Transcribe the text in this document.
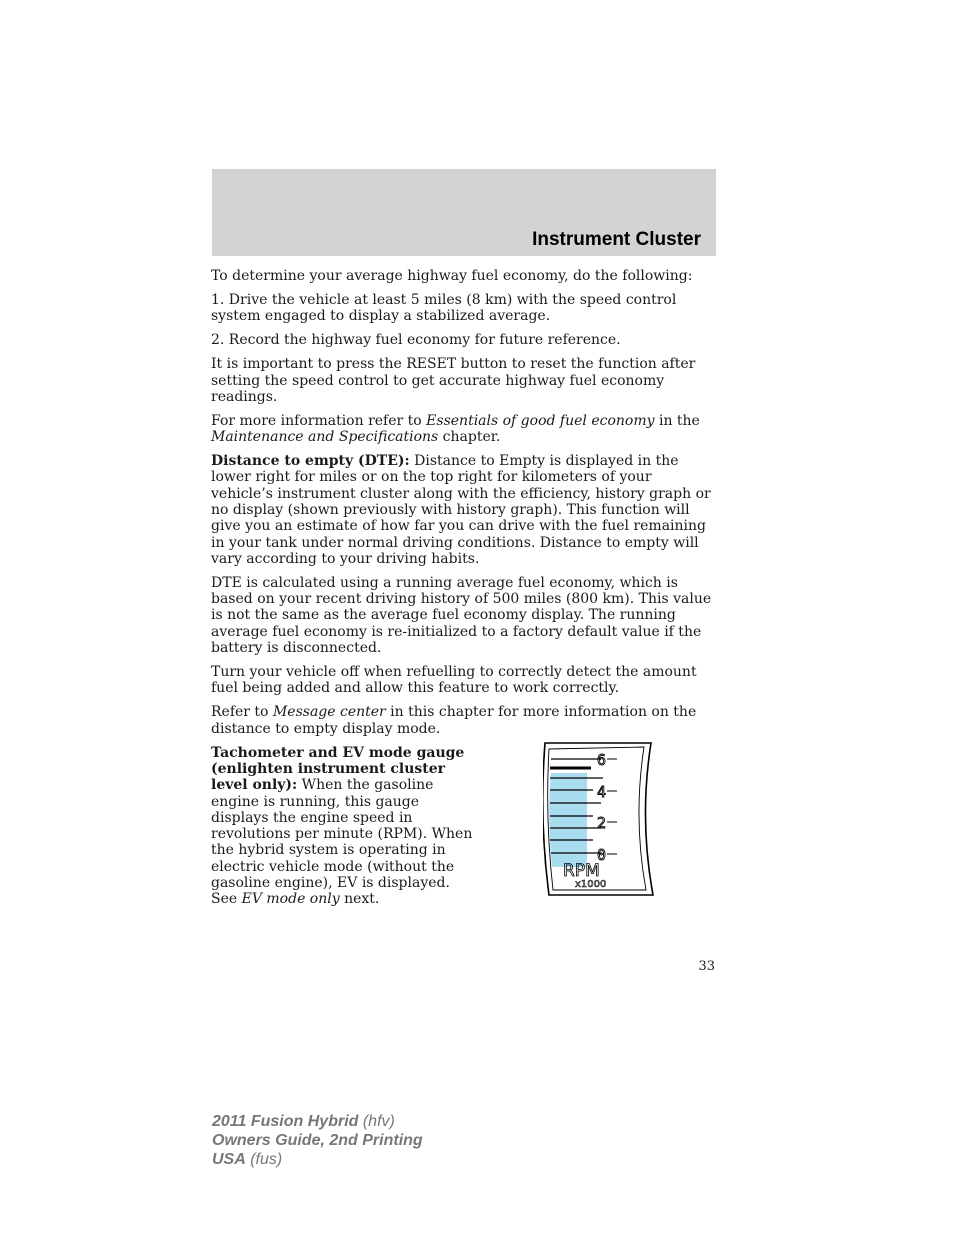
Instrument Cluster

To determine your average highway fuel economy, do the following:

1. Drive the vehicle at least 5 miles (8 km) with the speed control system engaged to display a stabilized average.

2. Record the highway fuel economy for future reference.

It is important to press the RESET button to reset the function after setting the speed control to get accurate highway fuel economy readings.

For more information refer to Essentials of good fuel economy in the Maintenance and Specifications chapter.

Distance to empty (DTE): Distance to Empty is displayed in the lower right for miles or on the top right for kilometers of your vehicle’s instrument cluster along with the efficiency, history graph or no display (shown previously with history graph). This function will give you an estimate of how far you can drive with the fuel remaining in your tank under normal driving conditions. Distance to empty will vary according to your driving habits.

DTE is calculated using a running average fuel economy, which is based on your recent driving history of 500 miles (800 km). This value is not the same as the average fuel economy display. The running average fuel economy is re-initialized to a factory default value if the battery is disconnected.

Turn your vehicle off when refuelling to correctly detect the amount fuel being added and allow this feature to work correctly.

Refer to Message center in this chapter for more information on the distance to empty display mode.

Tachometer and EV mode gauge (enlighten instrument cluster level only): When the gasoline engine is running, this gauge displays the engine speed in revolutions per minute (RPM). When the hybrid system is operating in electric vehicle mode (without the gasoline engine), EV is displayed. See EV mode only next.

6
4
2
0
RPM
x1000
33
2011 Fusion Hybrid (hfv)
Owners Guide, 2nd Printing
USA (fus)
